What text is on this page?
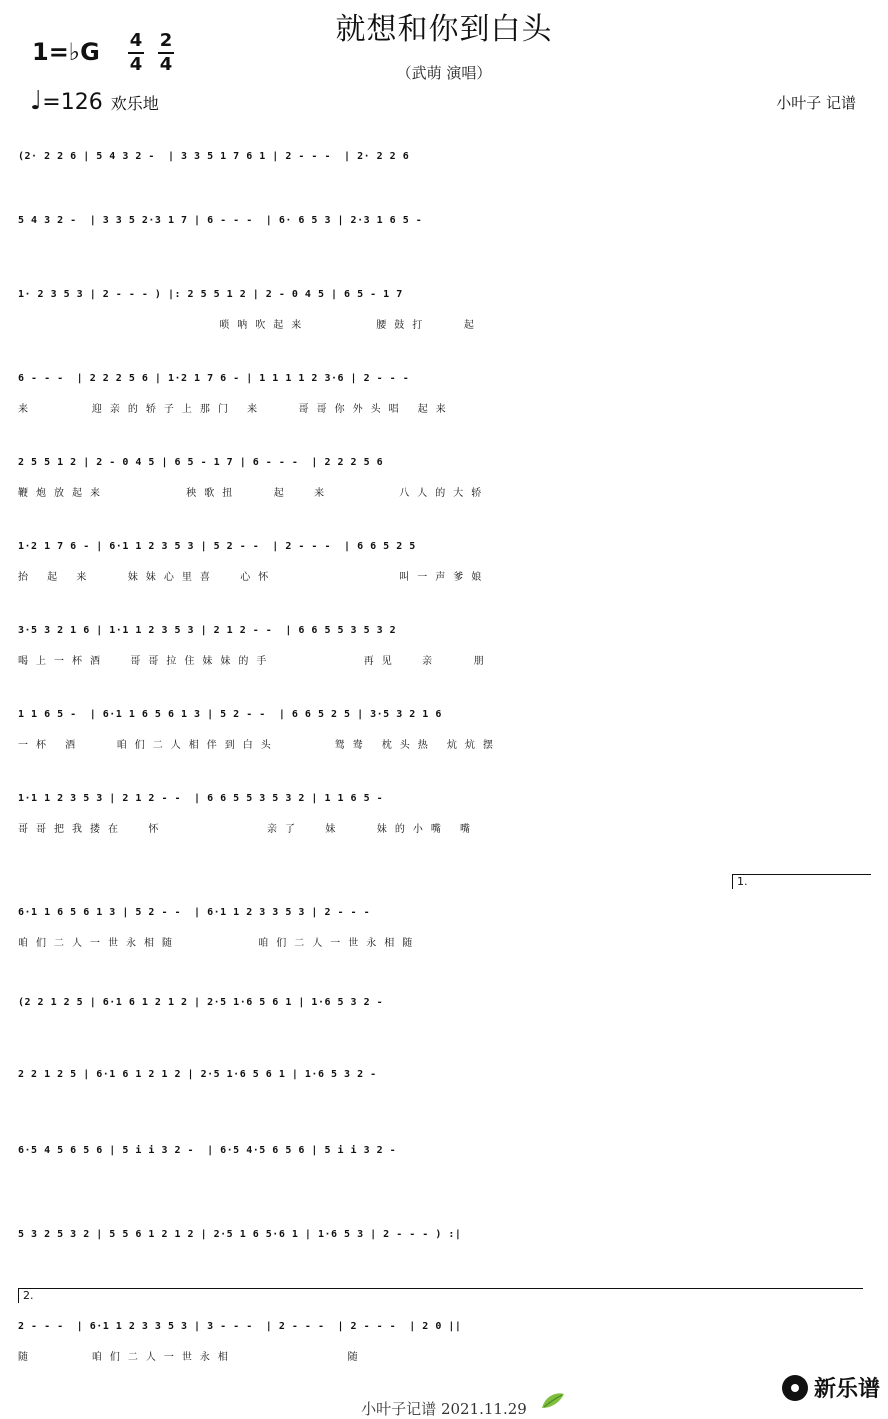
就想和你到白头
（武萌 演唱）
1=♭G $\frac{4}{4} \frac{2}{4}$
♩=126 欢乐地	小叶子 记谱
(2· 2 2 6 | 5 4 3 2 -  | 3 3 5 1 7 6 1 | 2 - - -  | 2· 2 2 6
5 4 3 2 -  | 3 3 5 2·3 1 7 | 6 - - -  | 6· 6 5 3 | 2·3 1 6 5 -
1· 2 3 5 3 | 2 - - - ) |: 2 5 5 1 2 | 2 - 0 4 5 | 6 5 - 1 7
唢呐吹起来      腰鼓打   起
6 - - -  | 2 2 2 5 6 | 1·2 1 7 6 - | 1 1 1 1 2 3·6 | 2 - - -
来     迎亲的轿子上那门 来   哥哥你外头唱 起来
2 5 5 1 2 | 2 - 0 4 5 | 6 5 - 1 7 | 6 - - -  | 2 2 2 5 6
鞭炮放起来       秧歌扭   起  来      八人的大轿
1·2 1 7 6 - | 6·1 1 2 3 5 3 | 5 2 - -  | 2 - - -  | 6 6 5 2 5
抬 起 来   妹妹心里喜  心怀           叫一声爹娘
3·5 3 2 1 6 | 1·1 1 2 3 5 3 | 2 1 2 - -  | 6 6 5 5 3 5 3 2
喝上一杯酒  哥哥拉住妹妹的手        再见  亲   朋
1 1 6 5 -  | 6·1 1 6 5 6 1 3 | 5 2 - -  | 6 6 5 2 5 | 3·5 3 2 1 6
一杯 酒   咱们二人相伴到白头     鸳鸯 枕头热 炕炕摆
1·1 1 2 3 5 3 | 2 1 2 - -  | 6 6 5 5 3 5 3 2 | 1 1 6 5 -
哥哥把我搂在  怀         亲了  妹   妹的小嘴 嘴
1.
6·1 1 6 5 6 1 3 | 5 2 - -  | 6·1 1 2 3 3 5 3 | 2 - - -
咱们二人一世永相随       咱们二人一世永相随
(2 2 1 2 5 | 6·1 6 1 2 1 2 | 2·5 1·6 5 6 1 | 1·6 5 3 2 -
2 2 1 2 5 | 6·1 6 1 2 1 2 | 2·5 1·6 5 6 1 | 1·6 5 3 2 -
6·5 4 5 6 5 6 | 5 i i 3 2 -  | 6·5 4·5 6 5 6 | 5 i i 3 2 -
5 3 2 5 3 2 | 5 5 6 1 2 1 2 | 2·5 1 6 5·6 1 | 1·6 5 3 | 2 - - - ) :|
2.
2 - - -  | 6·1 1 2 3 3 5 3 | 3 - - -  | 2 - - -  | 2 - - -  | 2 0 ||
随     咱们二人一世永相          随
小叶子记谱 2021.11.29
新乐谱
